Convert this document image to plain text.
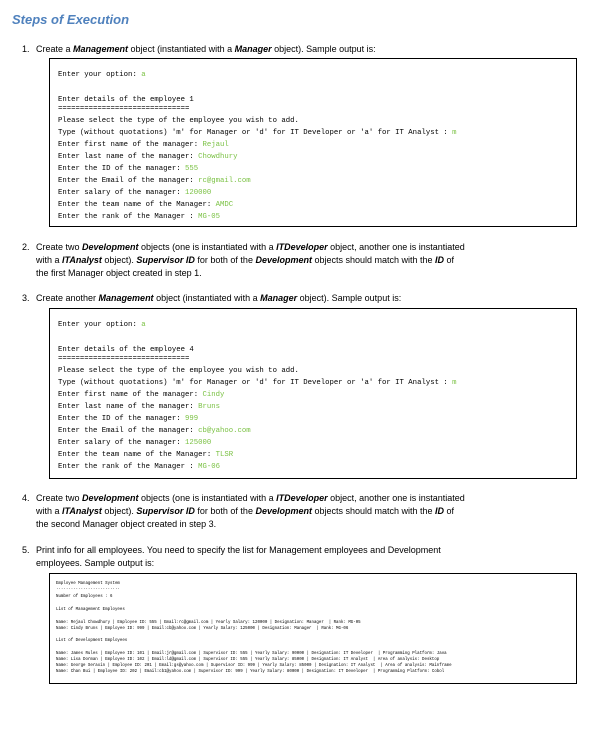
Steps of Execution
1. Create a Management object (instantiated with a Manager object). Sample output is:
Enter your option: a
Enter details of the employee 1
==============================
Please select the type of the employee you wish to add.
Type (without quotations) 'm' for Manager or 'd' for IT Developer or 'a' for IT Analyst : m
Enter first name of the manager: Rejaul
Enter last name of the manager: Chowdhury
Enter the ID of the manager: 555
Enter the Email of the manager: rc@gmail.com
Enter salary of the manager: 120000
Enter the team name of the Manager: AMDC
Enter the rank of the Manager : MG-05
2. Create two Development objects (one is instantiated with a ITDeveloper object, another one is instantiated
with a ITAnalyst object). Supervisor ID for both of the Development objects should match with the ID of
the first Manager object created in step 1.
3. Create another Management object (instantiated with a Manager object). Sample output is:
Enter your option: a
Enter details of the employee 4
==============================
Please select the type of the employee you wish to add.
Type (without quotations) 'm' for Manager or 'd' for IT Developer or 'a' for IT Analyst : m
Enter first name of the manager: Cindy
Enter last name of the manager: Bruns
Enter the ID of the manager: 999
Enter the Email of the manager: cb@yahoo.com
Enter salary of the manager: 125000
Enter the team name of the Manager: TLSR
Enter the rank of the Manager : MG-06
4. Create two Development objects (one is instantiated with a ITDeveloper object, another one is instantiated
with a ITAnalyst object). Supervisor ID for both of the Development objects should match with the ID of
the second Manager object created in step 3.
5. Print info for all employees. You need to specify the list for Management employees and Development
employees. Sample output is:
Employee Management System
..........................
Number of Employees : 6
List of Management Employees
Name: Rejaul Chowdhury | Employee ID: 555 | Email:rc@gmail.com | Yearly Salary: 120000 | Designation: Manager  | Rank: MG-05
Name: Cindy Bruns | Employee ID: 999 | Email:cb@yahoo.com | Yearly Salary: 125000 | Designation: Manager  | Rank: MG-06
List of Development Employees
Name: James Rules | Employee ID: 101 | Email:jr@gmail.com | Supervisor ID: 555 | Yearly Salary: 90000 | Designation: IT Developer  | Programming Platform: Java
Name: Lisa Dorman | Employee ID: 102 | Email:ld@gmail.com | Supervisor ID: 555 | Yearly Salary: 85000 | Designation: IT Analyst  | Area of analysis: Desktop
Name: George Seraxin | Employee ID: 201 | Email:gs@yahoo.com | Supervisor ID: 999 | Yearly Salary: 85000 | Designation: IT Analyst  | Area of analysis: Mainframe
Name: Chan Bui | Employee ID: 202 | Email:cb1@yahoo.com | Supervisor ID: 999 | Yearly Salary: 80000 | Designation: IT Developer  | Programming Platform: Cobol
